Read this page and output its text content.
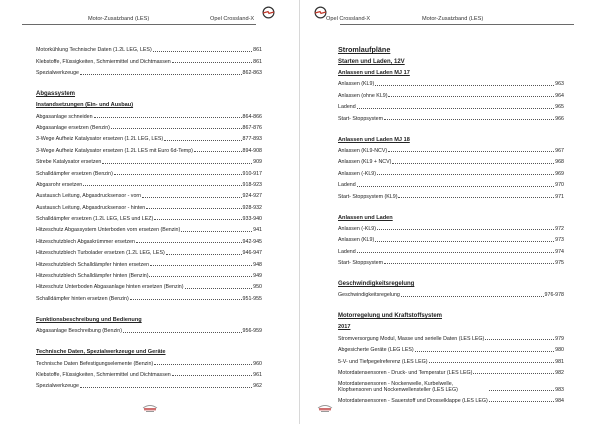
Motor-Zusatzband (LES)	Opel Crossland-X
Motorkühlung Technische Daten (1.2L LEG, LES)	861
Klebstoffe, Flüssigkeiten, Schmiermittel und Dichtmassen	861
Spezialwerkzeuge	862-863
Abgassystem
Instandsetzungen (Ein- und Ausbau)
Abgasanlage schneiden	864-866
Abgasanlage ersetzen (Benzin)	867-876
3-Wege Aufheiz Katalysator ersetzen (1.2L LEG, LES)	877-893
3-Wege Aufheiz Katalysator ersetzen (1.2L LES mit Euro 6d-Temp)	894-908
Strebe Katalysator ersetzen	909
Schalldämpfer ersetzen (Benzin)	910-917
Abgasrohr ersetzen	918-923
Austausch Leitung, Abgasdrucksensor - vorn	924-927
Austausch Leitung, Abgasdrucksensor - hinten	928-932
Schalldämpfer ersetzen (1.2L LEG, LES und LEZ)	933-940
Hitzeschutz Abgassystem Unterboden vorn ersetzen (Benzin)	941
Hitzeschutzblech Abgaskrümmer ersetzen	942-945
Hitzeschutzblech Turbolader ersetzen (1.2L LEG, LES)	946-947
Hitzeschutzblech Schalldämpfer hinten ersetzen	948
Hitzeschutzblech Schalldämpfer hinten (Benzin)	949
Hitzeschutz Unterboden Abgasanlage hinten ersetzen (Benzin)	950
Schalldämpfer hinten ersetzen (Benzin)	951-955
Funktionsbeschreibung und Bedienung
Abgasanlage Beschreibung (Benzin)	956-959
Technische Daten, Spezialwerkzeuge und Geräte
Technische Daten Befestigungselemente (Benzin)	960
Klebstoffe, Flüssigkeiten, Schmiermittel und Dichtmassen	961
Spezialwerkzeuge	962
Opel Crossland-X	Motor-Zusatzband (LES)
Stromlaufpläne
Starten und Laden, 12V
Anlassen und Laden MJ 17
Anlassen (KL9)	963
Anlassen (ohne KL9)	964
Ladend	965
Start- Stoppsystem	966
Anlassen und Laden MJ 18
Anlassen (KL9-NCV)	967
Anlassen (KL9 + NCV)	968
Anlassen (-KL9)	969
Ladend	970
Start- Stoppsystem (KL9)	971
Anlassen und Laden
Anlassen (-KL9)	972
Anlassen (KL9)	973
Ladend	974
Start- Stoppsystem	975
Geschwindigkeitsregelung
Geschwindigkeitsregelung	976-978
Motorregelung und Kraftstoffsystem
2017
Stromversorgung Modul, Masse und serielle Daten (LES LEG)	979
Abgesicherte Geräte (LEG LES)	980
5-V- und Tiefpegelreferenz (LES LEG)	981
Motordatensensoren - Druck- und Temperatur (LES LEG)	982
Motordatensensoren - Nockenwelle, Kurbelwelle, Klopfsensoren und Nockenwellensteller (LES LEG)	983
Motordatensensoren - Sauerstoff und Drosselklappe (LES LEG)	984
